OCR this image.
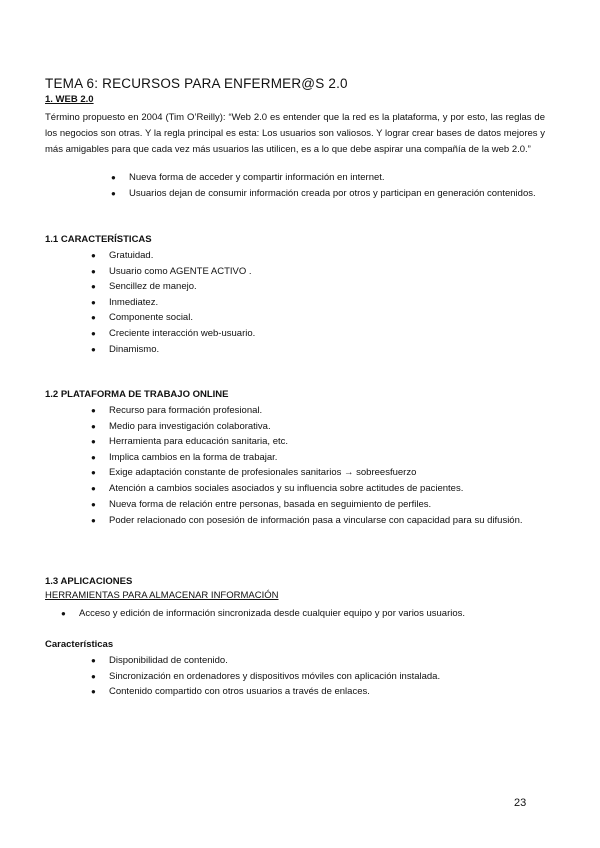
TEMA 6: RECURSOS PARA ENFERMER@S 2.0
1. WEB 2.0
Término propuesto en 2004 (Tim O’Reilly): “Web 2.0 es entender que la red es la plataforma, y por esto, las reglas de los negocios son otras. Y la regla principal es esta: Los usuarios son valiosos. Y lograr crear bases de datos mejores y más amigables para que cada vez más usuarios las utilicen, es a lo que debe aspirar una compañía de la web 2.0.”
● Nueva forma de acceder y compartir información en internet.
● Usuarios dejan de consumir información creada por otros y participan en generación contenidos.
1.1 CARACTERÍSTICAS
● Gratuidad.
● Usuario como AGENTE ACTIVO .
● Sencillez de manejo.
● Inmediatez.
● Componente social.
● Creciente interacción web-usuario.
● Dinamismo.
1.2 PLATAFORMA DE TRABAJO ONLINE
● Recurso para formación profesional.
● Medio para investigación colaborativa.
● Herramienta para educación sanitaria, etc.
● Implica cambios en la forma de trabajar.
● Exige adaptación constante de profesionales sanitarios → sobreesfuerzo
● Atención a cambios sociales asociados y su influencia sobre actitudes de pacientes.
● Nueva forma de relación entre personas, basada en seguimiento de perfiles.
● Poder relacionado con posesión de información pasa a vincularse con capacidad para su difusión.
1.3 APLICACIONES
HERRAMIENTAS PARA ALMACENAR INFORMACIÓN
● Acceso y edición de información sincronizada desde cualquier equipo y por varios usuarios.
Características
● Disponibilidad de contenido.
● Sincronización en ordenadores y dispositivos móviles con aplicación instalada.
● Contenido compartido con otros usuarios a través de enlaces.
23
